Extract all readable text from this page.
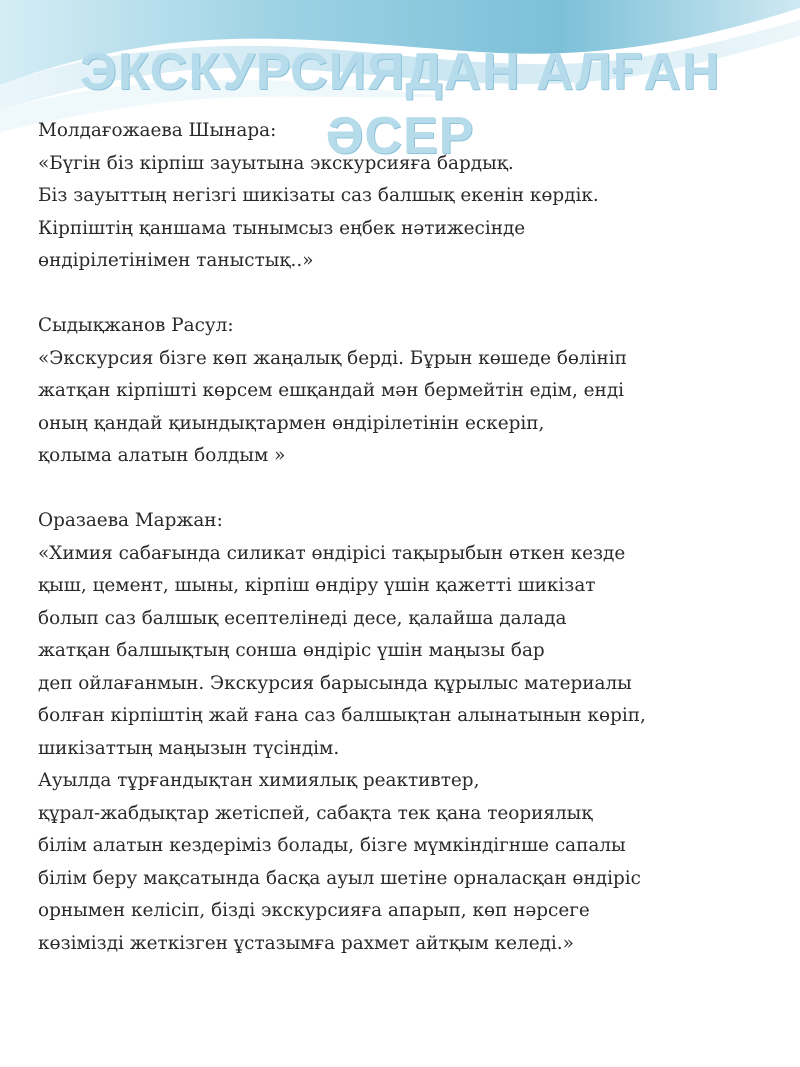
ЭКСКУРСИЯДАН АЛҒАН
ӘСЕР
Молдағожаева Шынара:
«Бүгін біз кірпіш зауытына экскурсияға бардық.
Біз зауыттың негізгі шикізаты саз балшық екенін көрдік.
Кірпіштің қаншама тынымсыз еңбек нәтижесінде
өндірілетінімен таныстық..»
Сыдықжанов Расул:
«Экскурсия бізге көп жаңалық берді. Бұрын көшеде бөлініп
жатқан кірпішті көрсем ешқандай мән бермейтін едім, енді
оның қандай қиындықтармен өндірілетінін ескеріп,
қолыма алатын болдым »
Оразаева Маржан:
«Химия сабағында силикат өндірісі тақырыбын өткен кезде
қыш, цемент, шыны, кірпіш өндіру үшін қажетті шикізат
болып саз балшық есептелінеді десе, қалайша далада
жатқан балшықтың сонша өндіріс үшін маңызы бар
деп ойлағанмын. Экскурсия барысында құрылыс материалы
болған кірпіштің жай ғана саз балшықтан алынатынын көріп,
шикізаттың маңызын түсіндім.
Ауылда тұрғандықтан химиялық реактивтер,
құрал-жабдықтар жетіспей, сабақта тек қана теориялық
білім алатын кездеріміз болады, бізге мүмкіндігнше сапалы
білім беру мақсатында басқа ауыл шетіне орналасқан өндіріс
орнымен келісіп, бізді экскурсияға апарып, көп нәрсеге
көзімізді жеткізген ұстазымға рахмет айтқым келеді.»
